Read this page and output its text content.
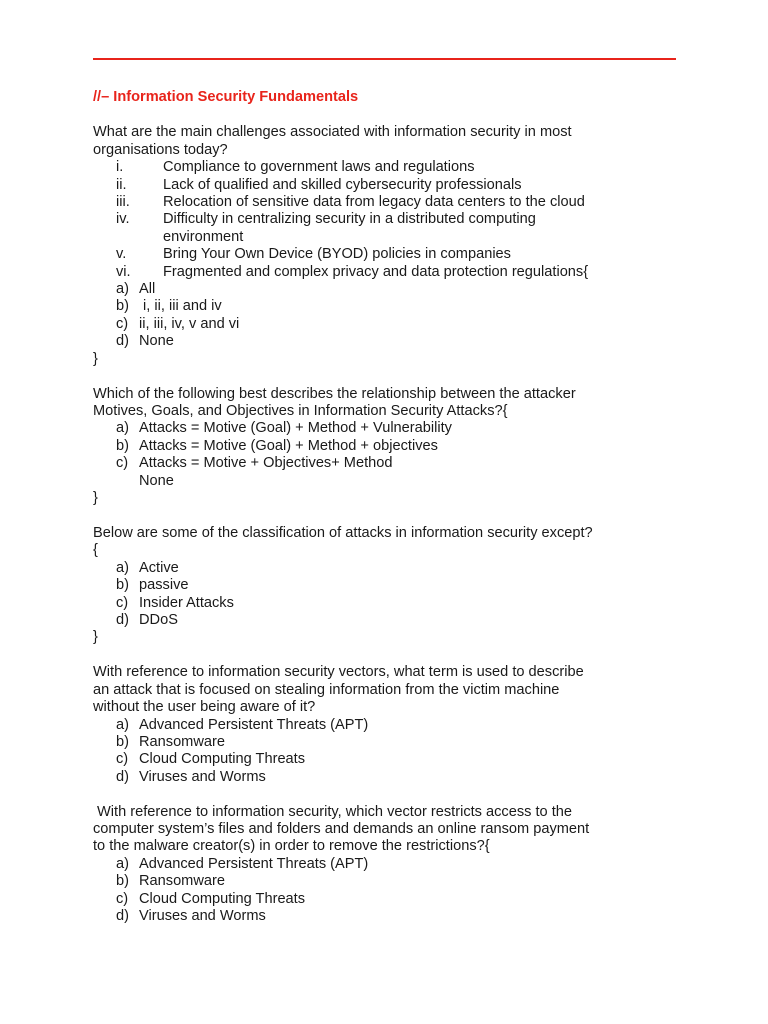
//– Information Security Fundamentals
What are the main challenges associated with information security in most
organisations today?
i.	Compliance to government laws and regulations
ii. Lack of qualified and skilled cybersecurity professionals
iii. Relocation of sensitive data from legacy data centers to the cloud
iv. Difficulty in centralizing security in a distributed computing
environment
v.	Bring Your Own Device (BYOD) policies in companies
vi. Fragmented and complex privacy and data protection regulations{
a) All
b) i, ii, iii and iv
c) ii, iii, iv, v and vi
d) None
}
Which of the following best describes the relationship between the attacker
Motives, Goals, and Objectives in Information Security Attacks?{
a) Attacks = Motive (Goal) + Method + Vulnerability
b) Attacks = Motive (Goal) + Method + objectives
c) Attacks = Motive + Objectives+ Method
None
}
Below are some of the classification of attacks in information security except?
{
a) Active
b) passive
c) Insider Attacks
d) DDoS
}
With reference to information security vectors, what term is used to describe
an attack that is focused on stealing information from the victim machine
without the user being aware of it?
a) Advanced Persistent Threats (APT)
b) Ransomware
c) Cloud Computing Threats
d) Viruses and Worms
With reference to information security, which vector restricts access to the
computer system’s files and folders and demands an online ransom payment
to the malware creator(s) in order to remove the restrictions?{
a) Advanced Persistent Threats (APT)
b) Ransomware
c) Cloud Computing Threats
d) Viruses and Worms
